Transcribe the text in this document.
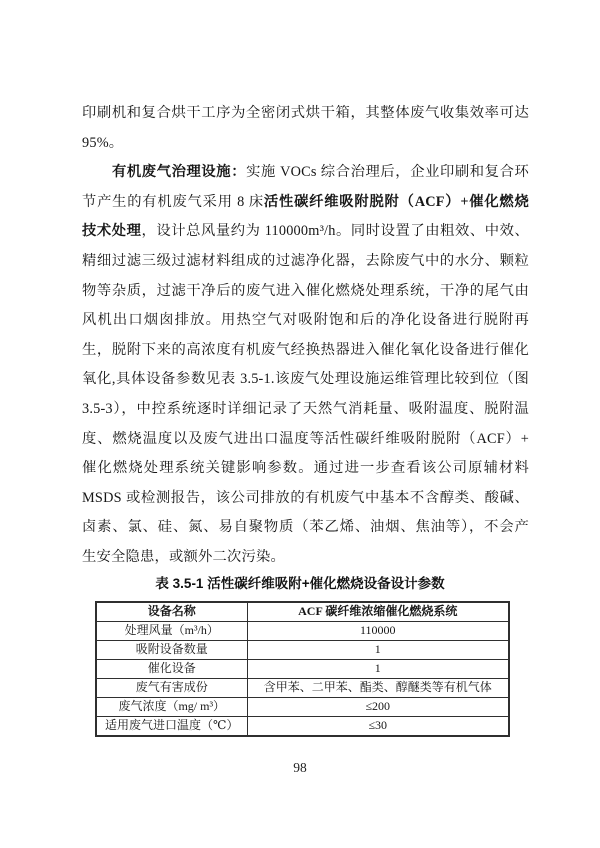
印刷机和复合烘干工序为全密闭式烘干箱，其整体废气收集效率可达
95%。
有机废气治理设施：实施 VOCs 综合治理后，企业印刷和复合环
节产生的有机废气采用 8 床活性碳纤维吸附脱附（ACF）+催化燃烧
技术处理，设计总风量约为 110000m³/h。同时设置了由粗效、中效、
精细过滤三级过滤材料组成的过滤净化器，去除废气中的水分、颗粒
物等杂质，过滤干净后的废气进入催化燃烧处理系统，干净的尾气由
风机出口烟囱排放。用热空气对吸附饱和后的净化设备进行脱附再
生，脱附下来的高浓度有机废气经换热器进入催化氧化设备进行催化
氧化,具体设备参数见表 3.5-1.该废气处理设施运维管理比较到位（图
3.5-3），中控系统逐时详细记录了天然气消耗量、吸附温度、脱附温
度、燃烧温度以及废气进出口温度等活性碳纤维吸附脱附（ACF）+
催化燃烧处理系统关键影响参数。通过进一步查看该公司原辅材料
MSDS 或检测报告，该公司排放的有机废气中基本不含醇类、酸碱、
卤素、氯、硅、氮、易自聚物质（苯乙烯、油烟、焦油等），不会产
生安全隐患，或额外二次污染。
表 3.5-1 活性碳纤维吸附+催化燃烧设备设计参数
设备名称	ACF 碳纤维浓缩催化燃烧系统
处理风量（m³/h）	110000
吸附设备数量	1
催化设备	1
废气有害成份	含甲苯、二甲苯、酯类、醇醚类等有机气体
废气浓度（mg/ m³）	≤200
适用废气进口温度（℃）	≤30
98
